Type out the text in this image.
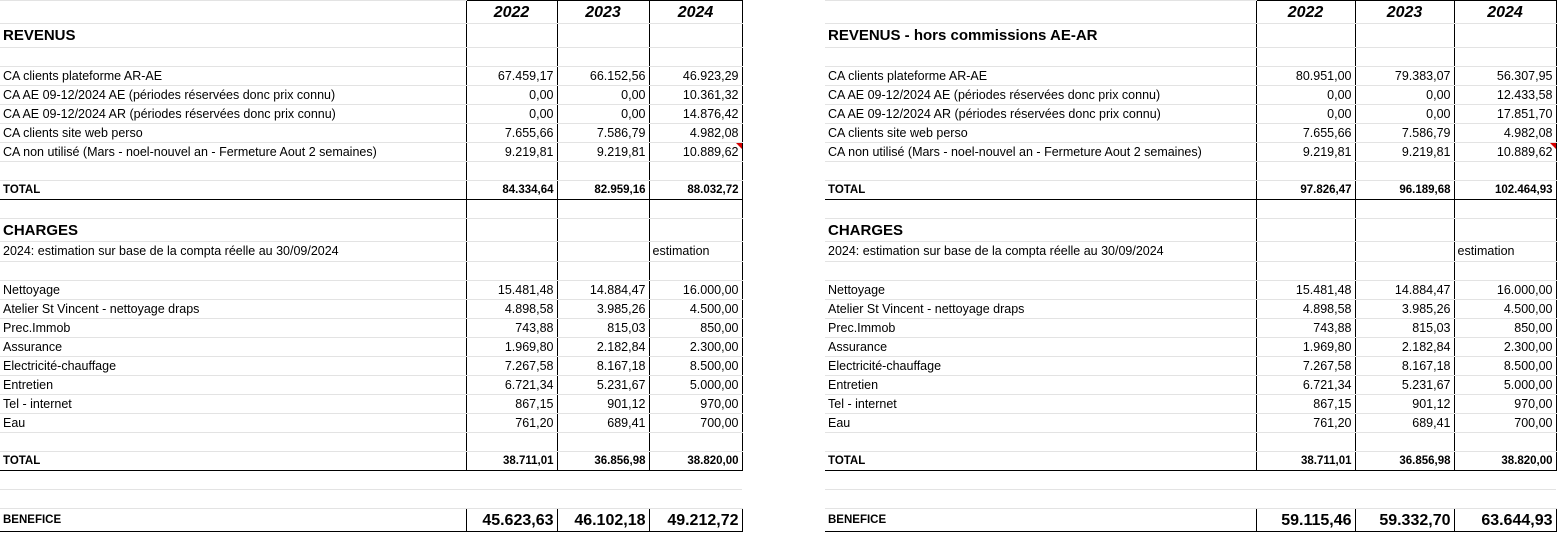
	2022	2023	2024
REVENUS			

CA clients plateforme AR-AE	67.459,17	66.152,56	46.923,29
CA AE 09-12/2024 AE (périodes réservées donc prix connu)	0,00	0,00	10.361,32
CA AE 09-12/2024 AR (périodes réservées donc prix connu)	0,00	0,00	14.876,42
CA clients site web perso	7.655,66	7.586,79	4.982,08
CA non utilisé (Mars - noel-nouvel an - Fermeture Aout 2 semaines)	9.219,81	9.219,81	10.889,62

TOTAL	84.334,64	82.959,16	88.032,72

CHARGES			
2024: estimation sur base de la compta réelle au 30/09/2024			estimation

Nettoyage	15.481,48	14.884,47	16.000,00
Atelier St Vincent - nettoyage draps	4.898,58	3.985,26	4.500,00
Prec.Immob	743,88	815,03	850,00
Assurance	1.969,80	2.182,84	2.300,00
Electricité-chauffage	7.267,58	8.167,18	8.500,00
Entretien	6.721,34	5.231,67	5.000,00
Tel - internet	867,15	901,12	970,00
Eau	761,20	689,41	700,00

TOTAL	38.711,01	36.856,98	38.820,00

BENEFICE	45.623,63	46.102,18	49.212,72
	2022	2023	2024
REVENUS - hors commissions AE-AR			

CA clients plateforme AR-AE	80.951,00	79.383,07	56.307,95
CA AE 09-12/2024 AE (périodes réservées donc prix connu)	0,00	0,00	12.433,58
CA AE 09-12/2024 AR (périodes réservées donc prix connu)	0,00	0,00	17.851,70
CA clients site web perso	7.655,66	7.586,79	4.982,08
CA non utilisé (Mars - noel-nouvel an - Fermeture Aout 2 semaines)	9.219,81	9.219,81	10.889,62

TOTAL	97.826,47	96.189,68	102.464,93

CHARGES			
2024: estimation sur base de la compta réelle au 30/09/2024			estimation

Nettoyage	15.481,48	14.884,47	16.000,00
Atelier St Vincent - nettoyage draps	4.898,58	3.985,26	4.500,00
Prec.Immob	743,88	815,03	850,00
Assurance	1.969,80	2.182,84	2.300,00
Electricité-chauffage	7.267,58	8.167,18	8.500,00
Entretien	6.721,34	5.231,67	5.000,00
Tel - internet	867,15	901,12	970,00
Eau	761,20	689,41	700,00

TOTAL	38.711,01	36.856,98	38.820,00

BENEFICE	59.115,46	59.332,70	63.644,93
